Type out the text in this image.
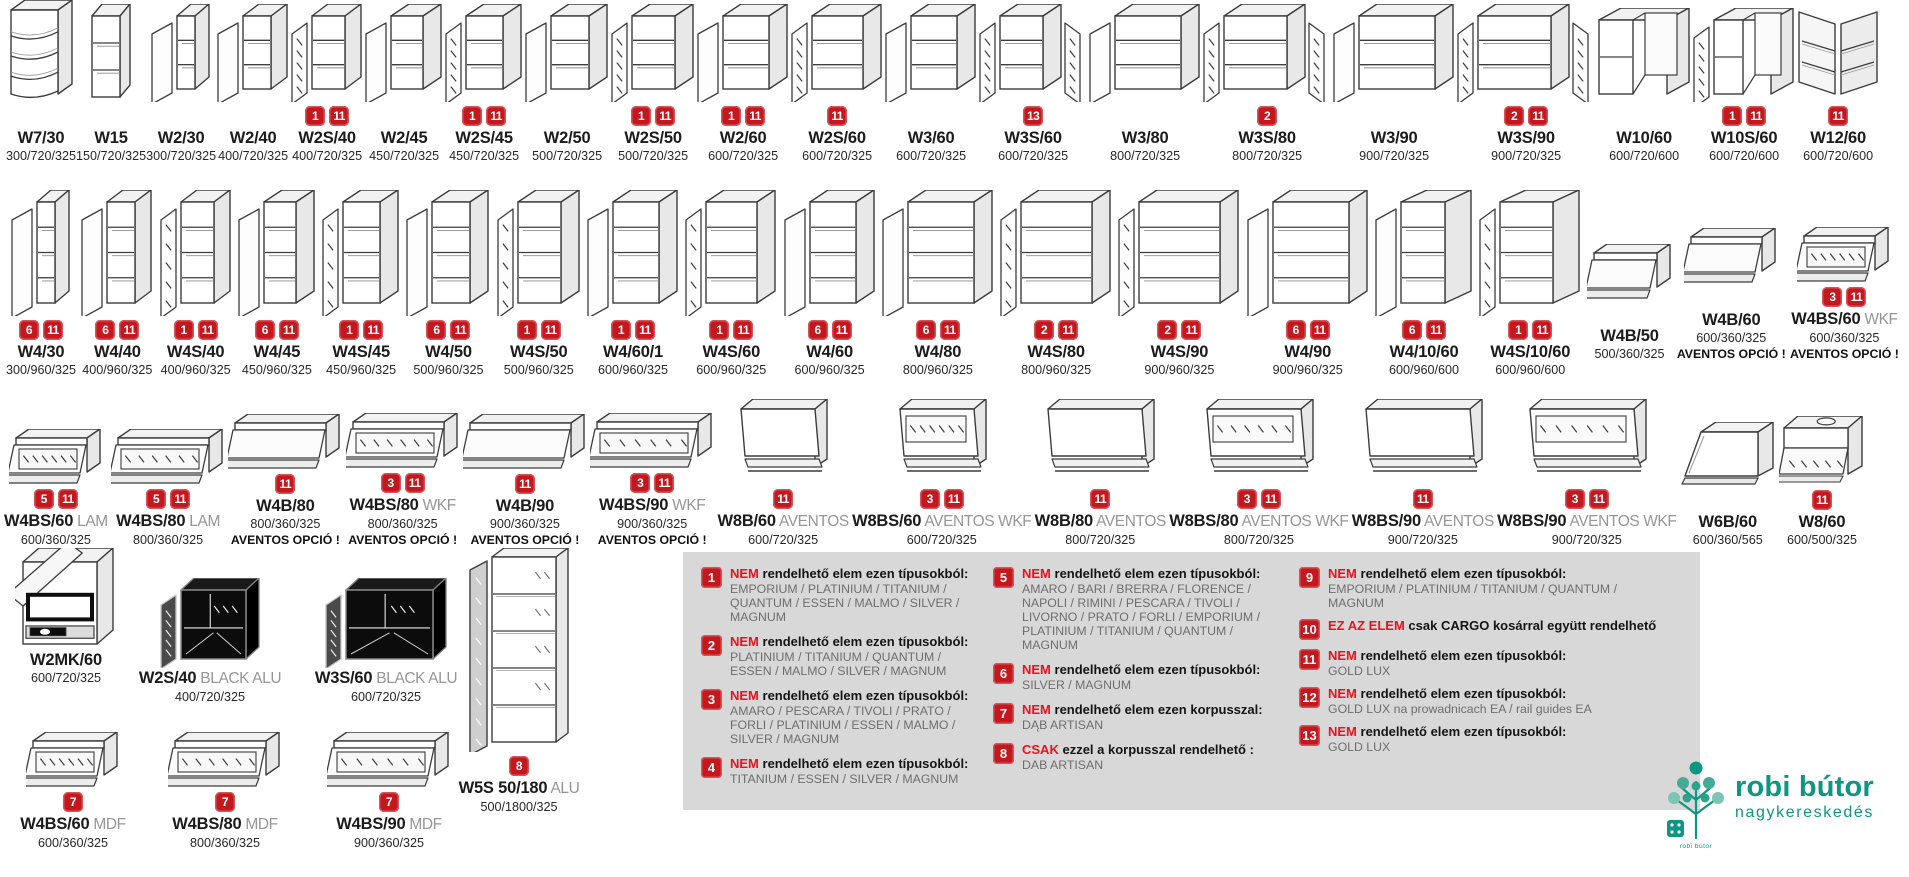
W7/30
300/720/325
W15
150/720/325
W2/30
300/720/325
W2/40
400/720/325
1	11
W2S/40
400/720/325
W2/45
450/720/325
1	11
W2S/45
450/720/325
W2/50
500/720/325
1	11
W2S/50
500/720/325
1	11
W2/60
600/720/325
11
W2S/60
600/720/325
W3/60
600/720/325
13
W3S/60
600/720/325
W3/80
800/720/325
2
W3S/80
800/720/325
W3/90
900/720/325
2	11
W3S/90
900/720/325
W10/60
600/720/600
1	11
W10S/60
600/720/600
11
W12/60
600/720/600
6	11
W4/30
300/960/325
6	11
W4/40
400/960/325
1	11
W4S/40
400/960/325
6	11
W4/45
450/960/325
1	11
W4S/45
450/960/325
6	11
W4/50
500/960/325
1	11
W4S/50
500/960/325
1	11
W4/60/1
600/960/325
1	11
W4S/60
600/960/325
6	11
W4/60
600/960/325
6	11
W4/80
800/960/325
2	11
W4S/80
800/960/325
2	11
W4S/90
900/960/325
6	11
W4/90
900/960/325
6	11
W4/10/60
600/960/600
1	11
W4S/10/60
600/960/600
W4B/50
500/360/325
W4B/60
600/360/325
AVENTOS OPCIÓ !
3	11
W4BS/60 WKF
600/360/325
AVENTOS OPCIÓ !
5	11
W4BS/60 LAM
600/360/325
5	11
W4BS/80 LAM
800/360/325
11
W4B/80
800/360/325
AVENTOS OPCIÓ !
3	11
W4BS/80 WKF
800/360/325
AVENTOS OPCIÓ !
11
W4B/90
900/360/325
AVENTOS OPCIÓ !
3	11
W4BS/90 WKF
900/360/325
AVENTOS OPCIÓ !
11
W8B/60 AVENTOS
600/720/325
3	11
W8BS/60 AVENTOS WKF
600/720/325
11
W8B/80 AVENTOS
800/720/325
3	11
W8BS/80 AVENTOS WKF
800/720/325
11
W8BS/90 AVENTOS
900/720/325
3	11
W8BS/90 AVENTOS WKF
900/720/325
W6B/60
600/360/565
11
W8/60
600/500/325
W2MK/60
600/720/325 W2S/40 BLACK ALU
400/720/325
W3S/60 BLACK ALU
600/720/325
8
W5S 50/180 ALU
500/1800/325
7
W4BS/60 MDF
600/360/325
7
W4BS/80 MDF
800/360/325
7
W4BS/90 MDF
900/360/325
1	NEM rendelhető elem ezen típusokból:
EMPORIUM / PLATINIUM / TITANIUM / QUANTUM / ESSEN / MALMO / SILVER / MAGNUM
2	NEM rendelhető elem ezen típusokból:
PLATINIUM / TITANIUM / QUANTUM / ESSEN / MALMO / SILVER / MAGNUM
3	NEM rendelhető elem ezen típusokból:
AMARO / PESCARA / TIVOLI / PRATO / FORLI / PLATINIUM / ESSEN / MALMO / SILVER / MAGNUM
4	NEM rendelhető elem ezen típusokból:
TITANIUM / ESSEN / SILVER / MAGNUM
5	NEM rendelhető elem ezen típusokból:
AMARO / BARI / BRERRA / FLORENCE / NAPOLI / RIMINI / PESCARA / TIVOLI / LIVORNO / PRATO / FORLI / EMPORIUM / PLATINIUM / TITANIUM / QUANTUM / MAGNUM
6	NEM rendelhető elem ezen típusokból:
SILVER / MAGNUM
7	NEM rendelhető elem ezen korpusszal:
DĄB ARTISAN
8	CSAK ezzel a korpusszal rendelhető :
DAB ARTISAN
9	NEM rendelhető elem ezen típusokból:
EMPORIUM / PLATINIUM / TITANIUM / QUANTUM / MAGNUM
10 EZ AZ ELEM csak CARGO kosárral együtt rendelhető
11 NEM rendelhető elem ezen típusokból:
GOLD LUX
12 NEM rendelhető elem ezen típusokból:
GOLD LUX na prowadnicach EA / rail guides EA
13 NEM rendelhető elem ezen típusokból:
GOLD LUX
robi bútor
robi bútor
nagykereskedés
